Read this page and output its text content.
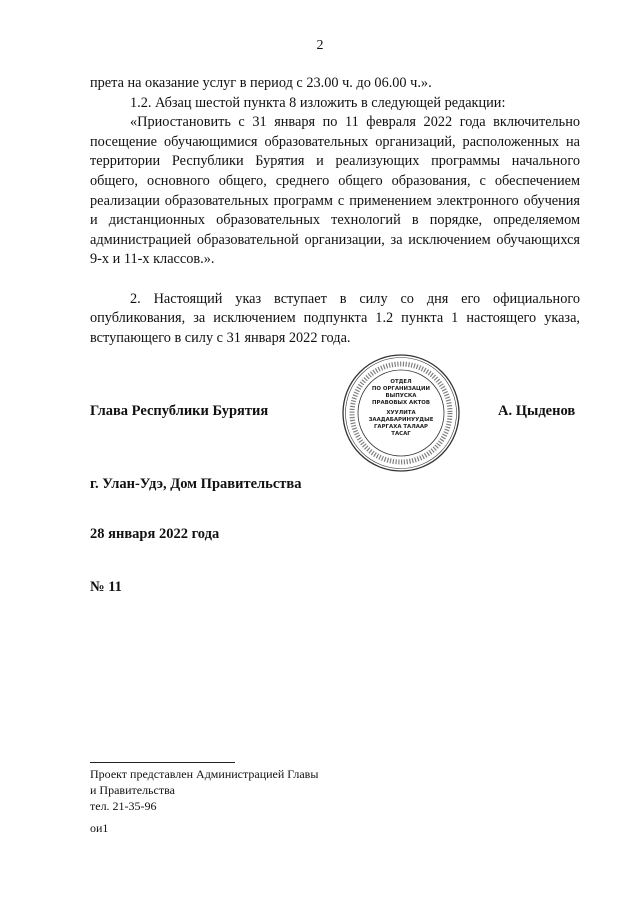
2

прета на оказание услуг в период с 23.00 ч. до 06.00 ч.».

1.2. Абзац шестой пункта 8 изложить в следующей редакции:

«Приостановить с 31 января по 11 февраля 2022 года включительно посещение обучающимися образовательных организаций, расположенных на территории Республики Бурятия и реализующих программы начального общего, основного общего, среднего общего образования, с обеспечением реализации образовательных программ с применением электронного обучения и дистанционных образовательных технологий в порядке, определяемом администрацией образовательной организации, за исключением обучающихся 9-х и 11-х классов.».

2. Настоящий указ вступает в силу со дня его официального опубликования, за исключением подпункта 1.2 пункта 1 настоящего указа, вступающего в силу с 31 января 2022 года.

Глава Республики Бурятия	А. Цыденов
ОТДЕЛ
ПО ОРГАНИЗАЦИИ
ВЫПУСКА
ПРАВОВЫХ АКТОВ
ХУУЛИТА
ЗААДАБАРИНУУДЫЕ
ГАРГАХА ТАЛААР
ТАСАГ
г. Улан-Удэ, Дом Правительства
28 января 2022 года
№ 11
Проект представлен Администрацией Главы
и Правительства
тел. 21-35-96
ои1
